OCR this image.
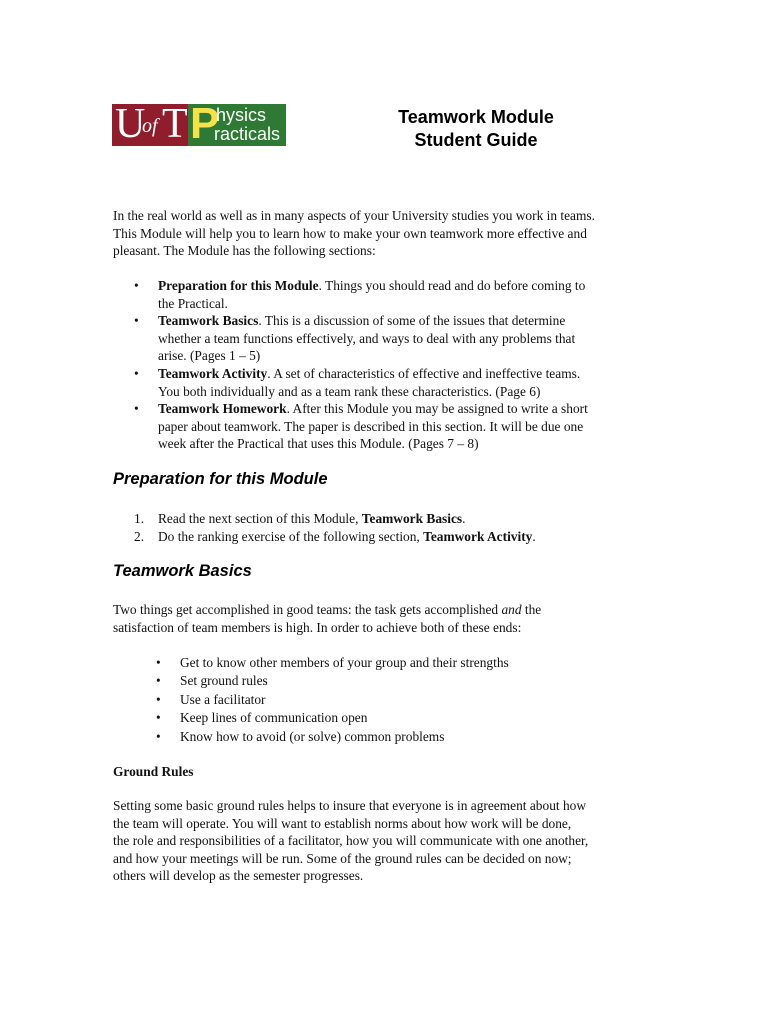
U
of T P
hysics
racticals
Teamwork Module
Student Guide
In the real world as well as in many aspects of your University studies you work in teams.
This Module will help you to learn how to make your own teamwork more effective and
pleasant. The Module has the following sections:
• Preparation for this Module. Things you should read and do before coming to
the Practical.
• Teamwork Basics. This is a discussion of some of the issues that determine
whether a team functions effectively, and ways to deal with any problems that
arise. (Pages 1 – 5)
• Teamwork Activity. A set of characteristics of effective and ineffective teams.
You both individually and as a team rank these characteristics. (Page 6)
• Teamwork Homework. After this Module you may be assigned to write a short
paper about teamwork. The paper is described in this section. It will be due one
week after the Practical that uses this Module. (Pages 7 – 8)
Preparation for this Module
1. Read the next section of this Module, Teamwork Basics.
2. Do the ranking exercise of the following section, Teamwork Activity.
Teamwork Basics
Two things get accomplished in good teams: the task gets accomplished and the
satisfaction of team members is high. In order to achieve both of these ends:
• Get to know other members of your group and their strengths
• Set ground rules
• Use a facilitator
• Keep lines of communication open
• Know how to avoid (or solve) common problems
Ground Rules
Setting some basic ground rules helps to insure that everyone is in agreement about how
the team will operate. You will want to establish norms about how work will be done,
the role and responsibilities of a facilitator, how you will communicate with one another,
and how your meetings will be run. Some of the ground rules can be decided on now;
others will develop as the semester progresses.
